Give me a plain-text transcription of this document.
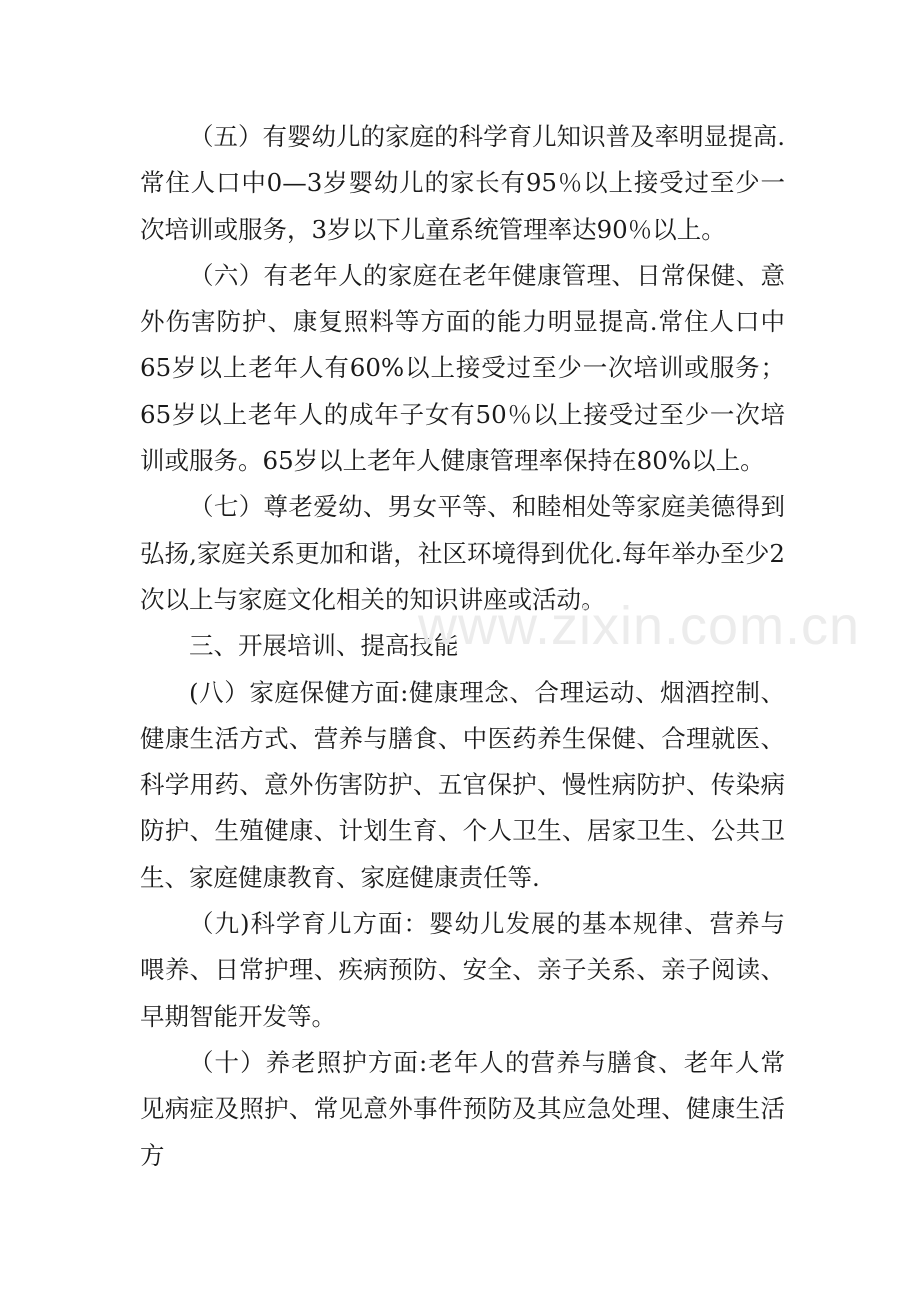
（五）有婴幼儿的家庭的科学育儿知识普及率明显提高.常住人口中0—3岁婴幼儿的家长有95％以上接受过至少一次培训或服务，3岁以下儿童系统管理率达90％以上。

（六）有老年人的家庭在老年健康管理、日常保健、意外伤害防护、康复照料等方面的能力明显提高.常住人口中65岁以上老年人有60%以上接受过至少一次培训或服务；65岁以上老年人的成年子女有50％以上接受过至少一次培训或服务。65岁以上老年人健康管理率保持在80%以上。

（七）尊老爱幼、男女平等、和睦相处等家庭美德得到弘扬,家庭关系更加和谐，社区环境得到优化.每年举办至少2次以上与家庭文化相关的知识讲座或活动。

三、开展培训、提高技能

(八）家庭保健方面:健康理念、合理运动、烟酒控制、健康生活方式、营养与膳食、中医药养生保健、合理就医、科学用药、意外伤害防护、五官保护、慢性病防护、传染病防护、生殖健康、计划生育、个人卫生、居家卫生、公共卫生、家庭健康教育、家庭健康责任等.

（九)科学育儿方面：婴幼儿发展的基本规律、营养与喂养、日常护理、疾病预防、安全、亲子关系、亲子阅读、早期智能开发等。

（十）养老照护方面:老年人的营养与膳食、老年人常见病症及照护、常见意外事件预防及其应急处理、健康生活方

www.zixin.com.cn
